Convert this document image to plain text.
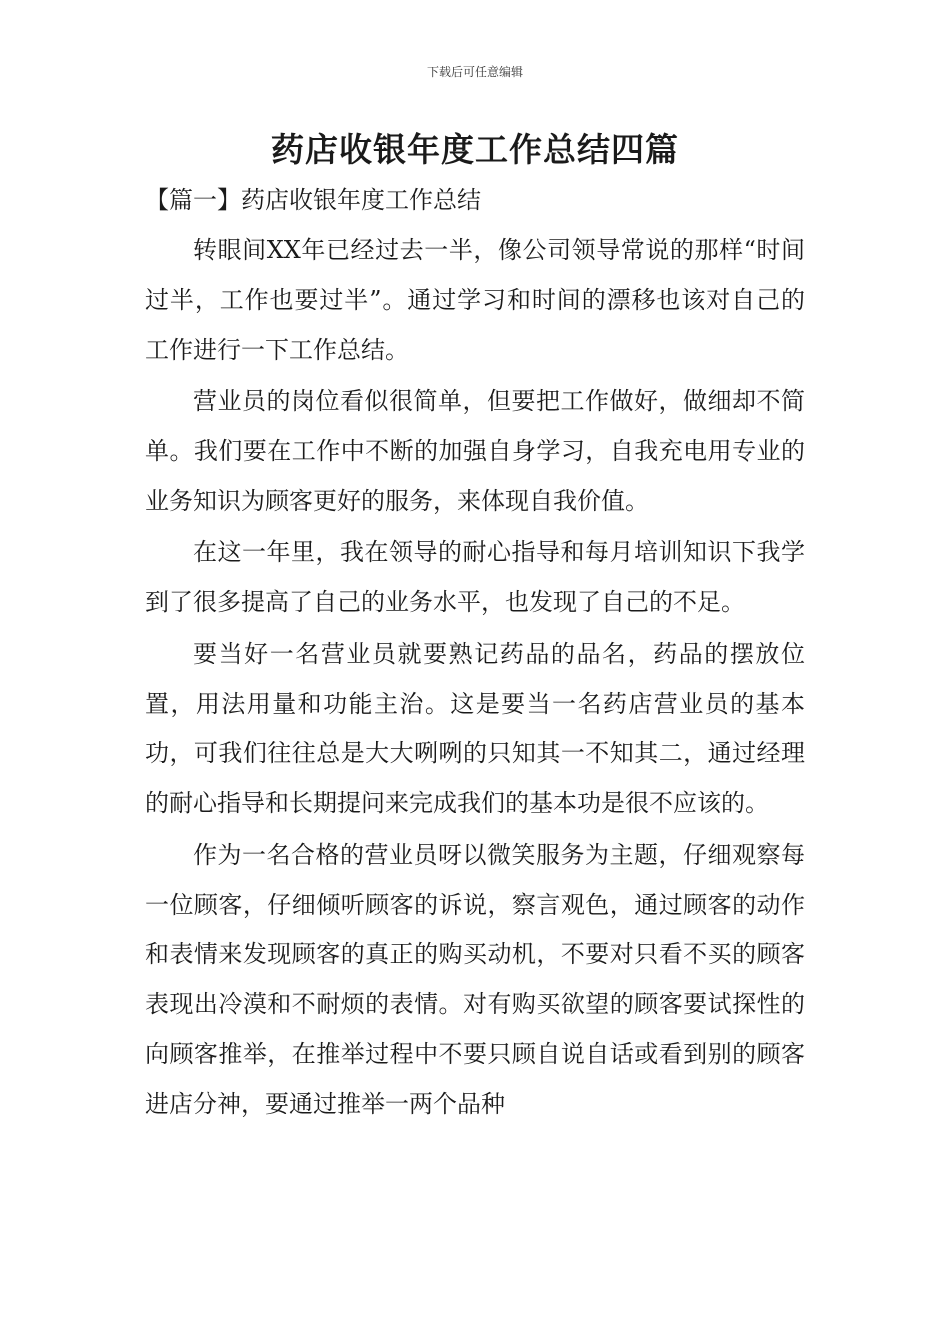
下载后可任意编辑
药店收银年度工作总结四篇
【篇一】药店收银年度工作总结

转眼间XX年已经过去一半，像公司领导常说的那样“时间过半，工作也要过半”。通过学习和时间的漂移也该对自己的工作进行一下工作总结。

营业员的岗位看似很简单，但要把工作做好，做细却不简单。我们要在工作中不断的加强自身学习，自我充电用专业的业务知识为顾客更好的服务，来体现自我价值。

在这一年里，我在领导的耐心指导和每月培训知识下我学到了很多提高了自己的业务水平，也发现了自己的不足。

要当好一名营业员就要熟记药品的品名，药品的摆放位置，用法用量和功能主治。这是要当一名药店营业员的基本功，可我们往往总是大大咧咧的只知其一不知其二，通过经理的耐心指导和长期提问来完成我们的基本功是很不应该的。

作为一名合格的营业员呀以微笑服务为主题，仔细观察每一位顾客，仔细倾听顾客的诉说，察言观色，通过顾客的动作和表情来发现顾客的真正的购买动机，不要对只看不买的顾客表现出冷漠和不耐烦的表情。对有购买欲望的顾客要试探性的向顾客推举，在推举过程中不要只顾自说自话或看到别的顾客进店分神，要通过推举一两个品种
